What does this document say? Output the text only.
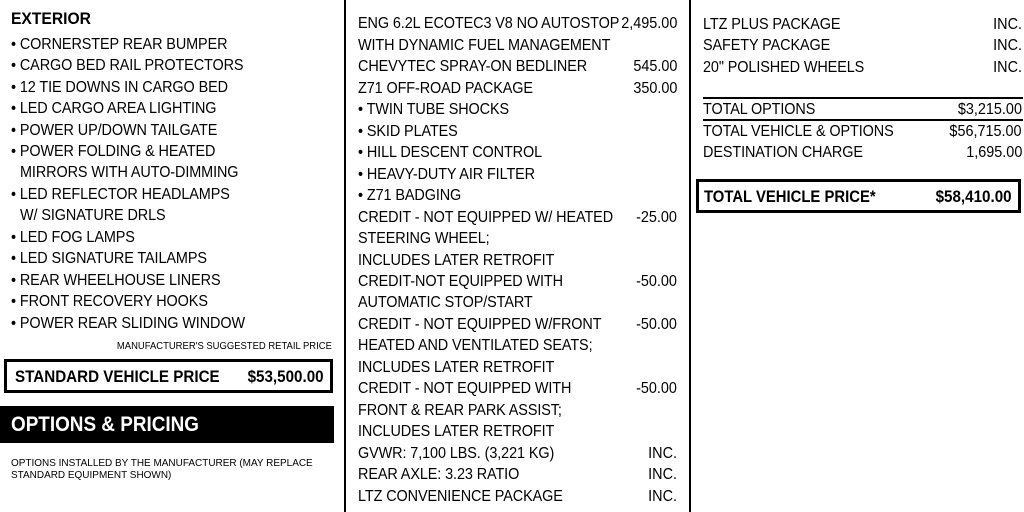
EXTERIOR
• CORNERSTEP REAR BUMPER
• CARGO BED RAIL PROTECTORS
• 12 TIE DOWNS IN CARGO BED
• LED CARGO AREA LIGHTING
• POWER UP/DOWN TAILGATE
• POWER FOLDING & HEATED
MIRRORS WITH AUTO-DIMMING
• LED REFLECTOR HEADLAMPS
W/ SIGNATURE DRLS
• LED FOG LAMPS
• LED SIGNATURE TAILAMPS
• REAR WHEELHOUSE LINERS
• FRONT RECOVERY HOOKS
• POWER REAR SLIDING WINDOW
MANUFACTURER'S SUGGESTED RETAIL PRICE
STANDARD VEHICLE PRICE $53,500.00
OPTIONS & PRICING
OPTIONS INSTALLED BY THE MANUFACTURER (MAY REPLACE STANDARD EQUIPMENT SHOWN)
ENG 6.2L ECOTEC3 V8 NO AUTOSTOP 2,495.00
WITH DYNAMIC FUEL MANAGEMENT
CHEVYTEC SPRAY-ON BEDLINER	545.00
Z71 OFF-ROAD PACKAGE	350.00
• TWIN TUBE SHOCKS
• SKID PLATES
• HILL DESCENT CONTROL
• HEAVY-DUTY AIR FILTER
• Z71 BADGING
CREDIT - NOT EQUIPPED W/ HEATED -25.00
STEERING WHEEL;
INCLUDES LATER RETROFIT
CREDIT-NOT EQUIPPED WITH	-50.00
AUTOMATIC STOP/START
CREDIT - NOT EQUIPPED W/FRONT -50.00
HEATED AND VENTILATED SEATS;
INCLUDES LATER RETROFIT
CREDIT - NOT EQUIPPED WITH	-50.00
FRONT & REAR PARK ASSIST;
INCLUDES LATER RETROFIT
GVWR: 7,100 LBS. (3,221 KG)	INC.
REAR AXLE: 3.23 RATIO	INC.
LTZ CONVENIENCE PACKAGE	INC.
LTZ PLUS PACKAGE	INC.
SAFETY PACKAGE	INC.
20" POLISHED WHEELS	INC.
TOTAL OPTIONS	$3,215.00
TOTAL VEHICLE & OPTIONS	$56,715.00
DESTINATION CHARGE	1,695.00
TOTAL VEHICLE PRICE*	$58,410.00
